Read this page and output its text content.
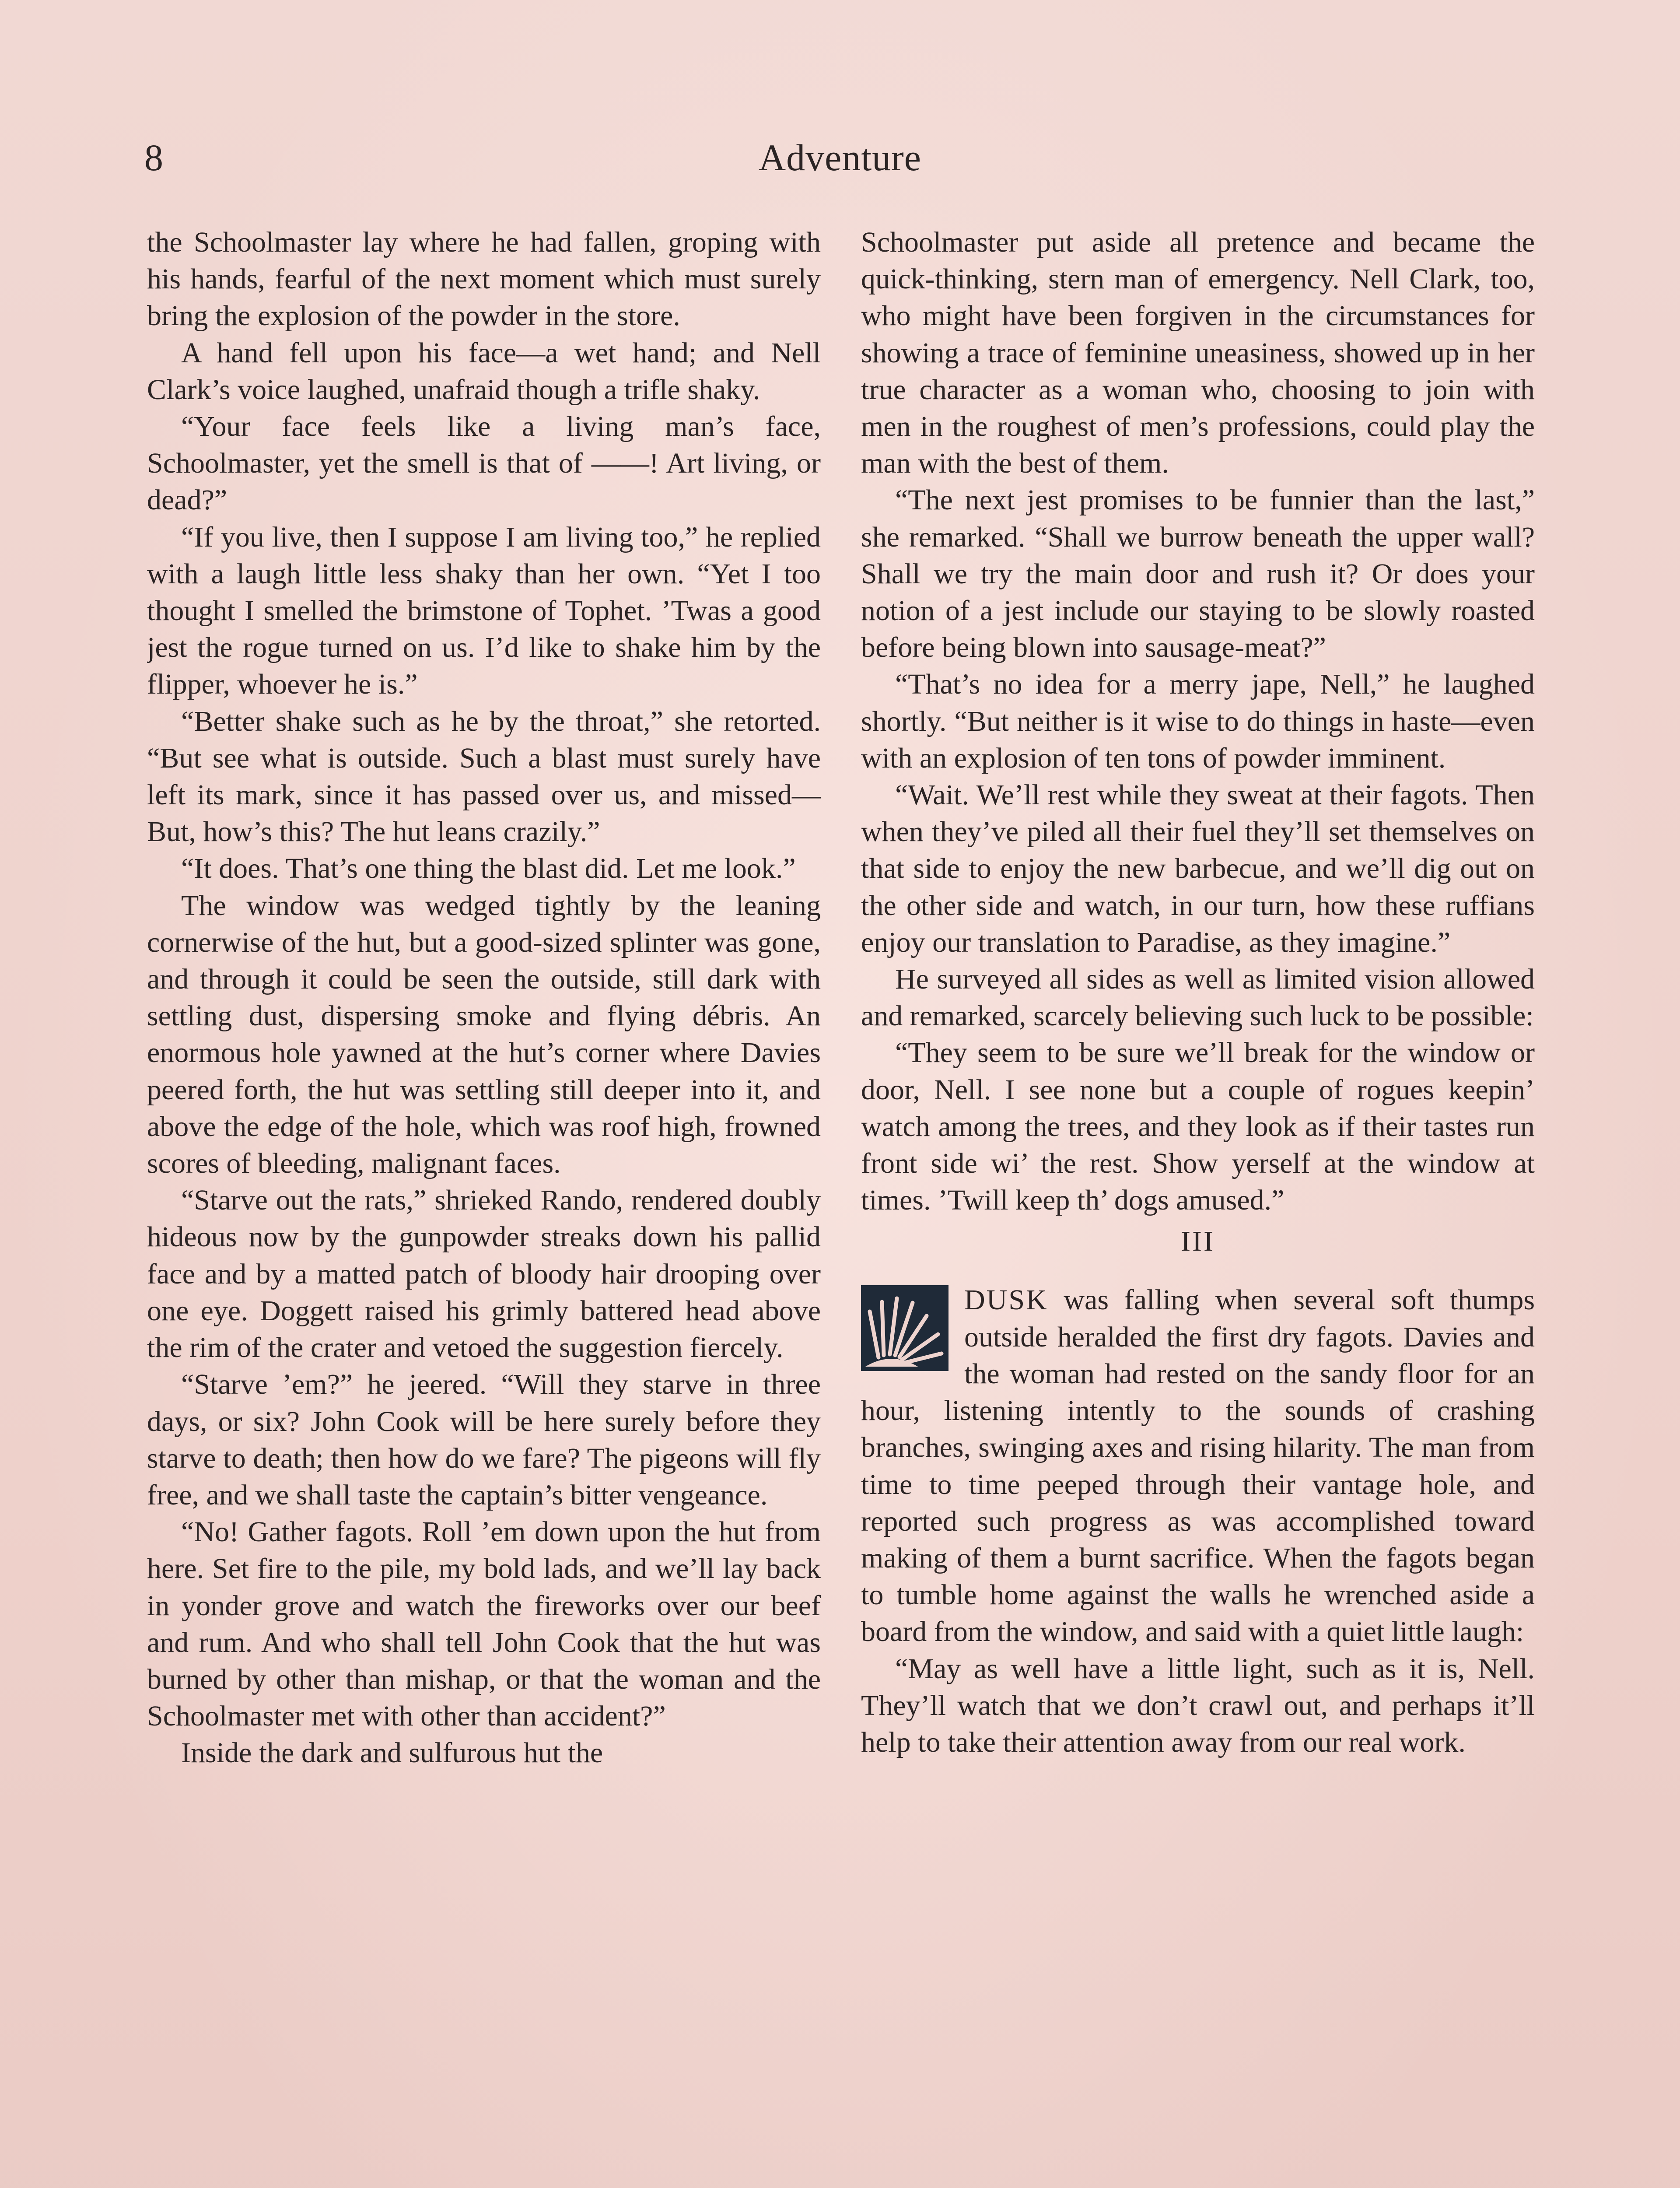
8	Adventure

the Schoolmaster lay where he had fallen, groping with his hands, fearful of the next moment which must surely bring the explosion of the powder in the store.

A hand fell upon his face—a wet hand; and Nell Clark’s voice laughed, unafraid though a trifle shaky.

“Your face feels like a living man’s face, Schoolmaster, yet the smell is that of ——! Art living, or dead?”

“If you live, then I suppose I am living too,” he replied with a laugh little less shaky than her own. “Yet I too thought I smelled the brimstone of Tophet. ’Twas a good jest the rogue turned on us. I’d like to shake him by the flipper, whoever he is.”

“Better shake such as he by the throat,” she retorted. “But see what is outside. Such a blast must surely have left its mark, since it has passed over us, and missed— But, how’s this? The hut leans crazily.”

“It does. That’s one thing the blast did. Let me look.”

The window was wedged tightly by the leaning cornerwise of the hut, but a good-sized splinter was gone, and through it could be seen the outside, still dark with settling dust, dispersing smoke and flying débris. An enormous hole yawned at the hut’s corner where Davies peered forth, the hut was settling still deeper into it, and above the edge of the hole, which was roof high, frowned scores of bleeding, malignant faces.

“Starve out the rats,” shrieked Rando, rendered doubly hideous now by the gunpowder streaks down his pallid face and by a matted patch of bloody hair drooping over one eye. Doggett raised his grimly battered head above the rim of the crater and vetoed the suggestion fiercely.

“Starve ’em?” he jeered. “Will they starve in three days, or six? John Cook will be here surely before they starve to death; then how do we fare? The pigeons will fly free, and we shall taste the captain’s bitter vengeance.

“No! Gather fagots. Roll ’em down upon the hut from here. Set fire to the pile, my bold lads, and we’ll lay back in yonder grove and watch the fireworks over our beef and rum. And who shall tell John Cook that the hut was burned by other than mishap, or that the woman and the Schoolmaster met with other than accident?”

Inside the dark and sulfurous hut the

Schoolmaster put aside all pretence and became the quick-thinking, stern man of emergency. Nell Clark, too, who might have been forgiven in the circumstances for showing a trace of feminine uneasiness, showed up in her true character as a woman who, choosing to join with men in the roughest of men’s professions, could play the man with the best of them.

“The next jest promises to be funnier than the last,” she remarked. “Shall we burrow beneath the upper wall? Shall we try the main door and rush it? Or does your notion of a jest include our staying to be slowly roasted before being blown into sausage-meat?”

“That’s no idea for a merry jape, Nell,” he laughed shortly. “But neither is it wise to do things in haste—even with an explosion of ten tons of powder imminent.

“Wait. We’ll rest while they sweat at their fagots. Then when they’ve piled all their fuel they’ll set themselves on that side to enjoy the new barbecue, and we’ll dig out on the other side and watch, in our turn, how these ruffians enjoy our translation to Paradise, as they imagine.”

He surveyed all sides as well as limited vision allowed and remarked, scarcely believing such luck to be possible:

“They seem to be sure we’ll break for the window or door, Nell. I see none but a couple of rogues keepin’ watch among the trees, and they look as if their tastes run front side wi’ the rest. Show yerself at the window at times. ’Twill keep th’ dogs amused.”

III

DUSK was falling when several soft thumps outside heralded the first dry fagots. Davies and the woman had rested on the sandy floor for an hour, listening intently to the sounds of crashing branches, swinging axes and rising hilarity. The man from time to time peeped through their vantage hole, and reported such progress as was accomplished toward making of them a burnt sacrifice. When the fagots began to tumble home against the walls he wrenched aside a board from the window, and said with a quiet little laugh:

“May as well have a little light, such as it is, Nell. They’ll watch that we don’t crawl out, and perhaps it’ll help to take their attention away from our real work.
